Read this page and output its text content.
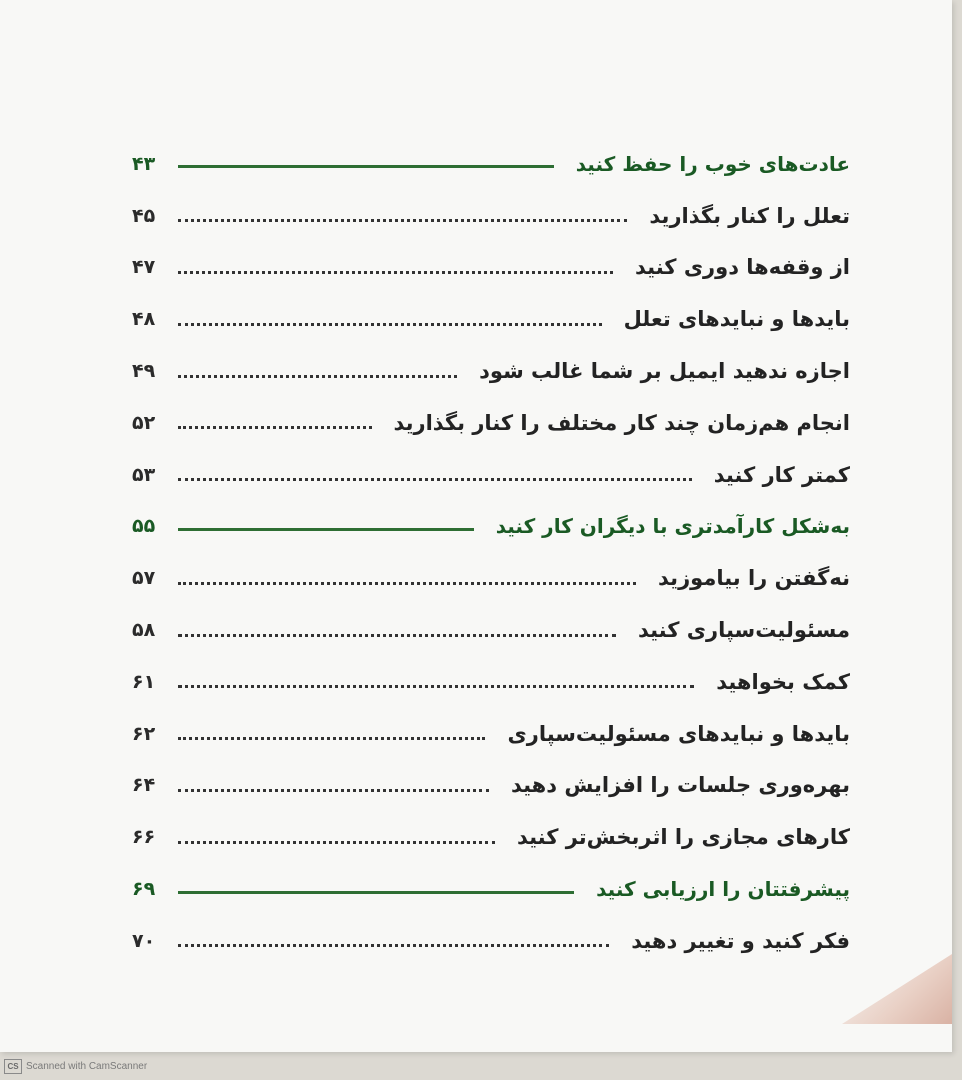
عادت‌های خوب را حفظ کنید
۴۳
تعلل را کنار بگذارید
۴۵
از وقفه‌ها دوری کنید
۴۷
بایدها و نبایدهای تعلل
۴۸
اجازه ندهید ایمیل بر شما غالب شود
۴۹
انجام هم‌زمان چند کار مختلف را کنار بگذارید
۵۲
کمتر کار کنید
۵۳
به‌شکل کارآمدتری با دیگران کار کنید
۵۵
نه‌گفتن را بیاموزید
۵۷
مسئولیت‌سپاری کنید
۵۸
کمک بخواهید
۶۱
بایدها و نبایدهای مسئولیت‌سپاری
۶۲
بهره‌وری جلسات را افزایش دهید
۶۴
کارهای مجازی را اثربخش‌تر کنید
۶۶
پیشرفتتان را ارزیابی کنید
۶۹
فکر کنید و تغییر دهید
۷۰
CS Scanned with CamScanner
